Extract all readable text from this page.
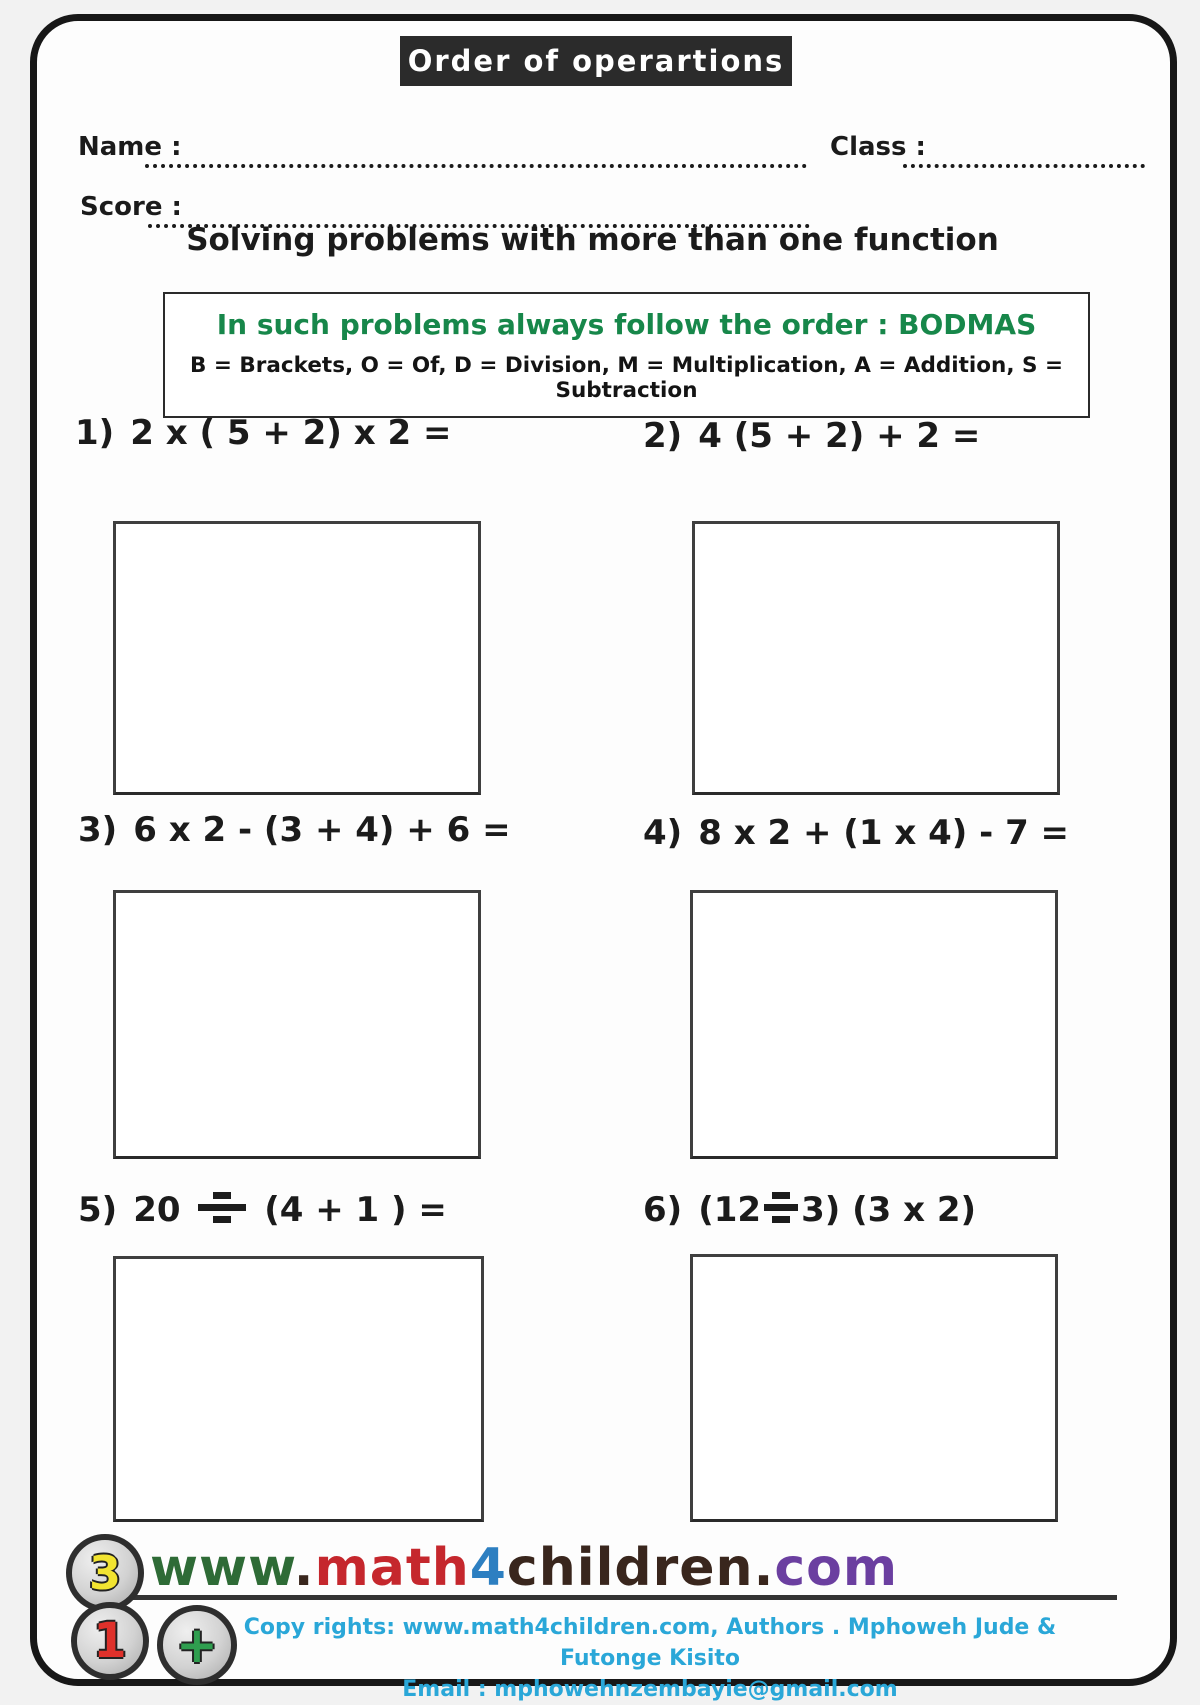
Order of operartions
Name :	Class :
Score :
Solving problems with more than one function
In such problems always follow the order : BODMAS
B = Brackets, O = Of, D = Division, M = Multiplication, A = Addition, S = Subtraction
1) 2 x ( 5 + 2) x 2 =	2) 4 (5 + 2) + 2 =
3) 6 x 2 - (3 + 4) + 6 =	4) 8 x 2 + (1 x 4) - 7 =
5) 20
(4 + 1 ) =	6) (12 3) (3 x 2)
3
1 +
www.math4children.com
Copy rights: www.math4children.com, Authors . Mphoweh Jude & Futonge Kisito
Email : mphowehnzembayie@gmail.com
